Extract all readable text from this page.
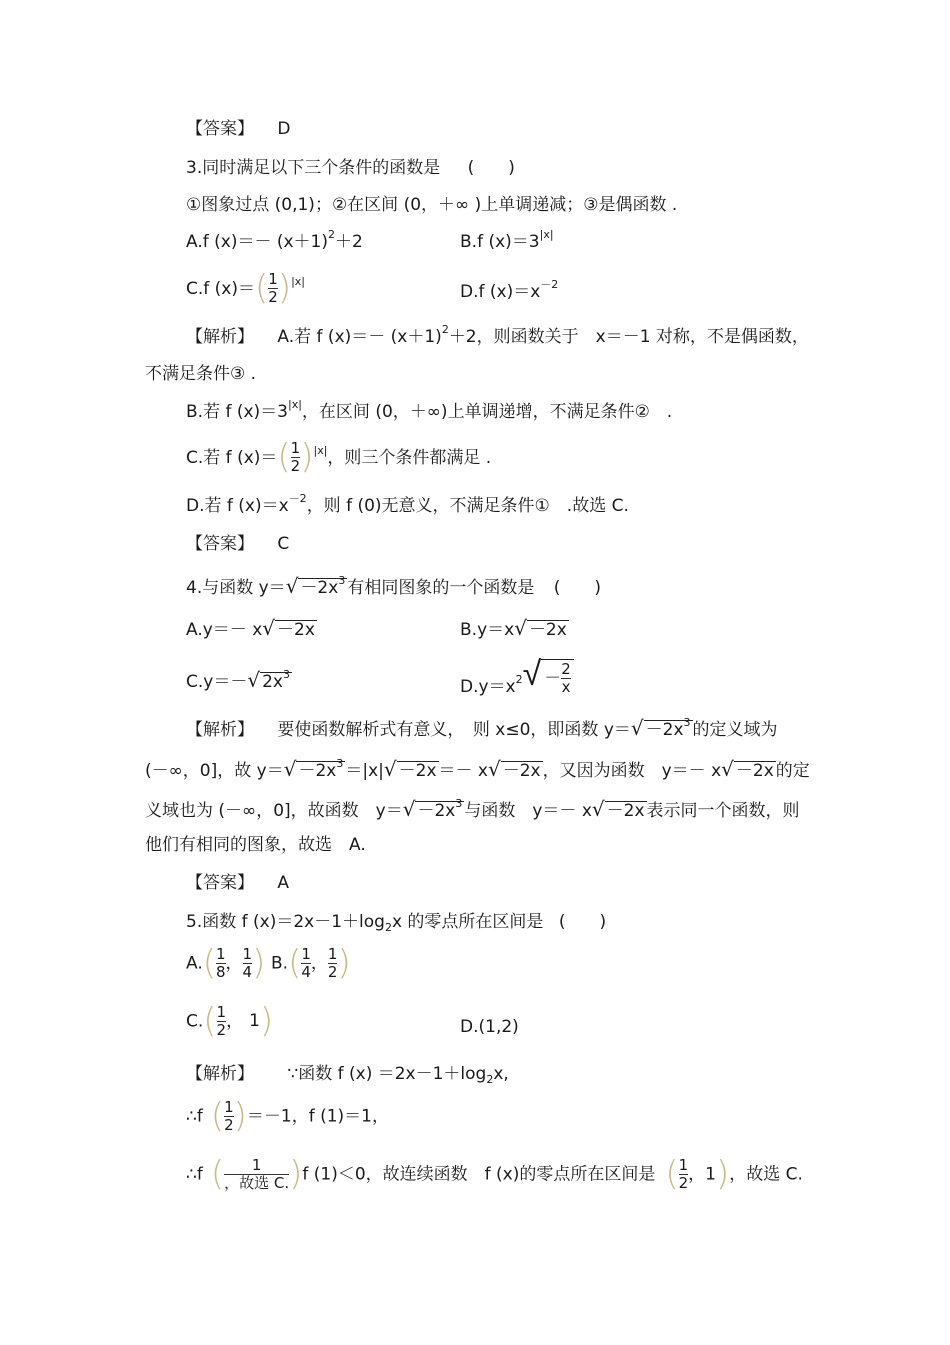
【答案】 D
3.同时满足以下三个条件的函数是 (　　)
①图象过点 (0,1)；②在区间 (0，＋∞ )上单调递减；③是偶函数 .
A.f $(x)=- (x+1)^2+2$	B.f $(x)=3^{|x|}$
C.f $(x)=( \frac{1}{2} )^{|x|}$
D.f $(x)=x^{-2}$
【解析】 A.若 f $(x)=- (x+1)^2+2$，则函数关于　x＝－1 对称，不是偶函数，
不满足条件③ .
B.若 f $(x)=3^{|x|}$，在区间 (0，＋∞)上单调递增，不满足条件②　.
C.若 f $(x)=( \frac{1}{2} )^{|x|}$，则三个条件都满足 .
D.若 f $(x)=x^{-2}$，则 f (0)无意义，不满足条件①　.故选 C.
【答案】 C
4.与函数 $y=√ -2x^3$ 有相同图象的一个函数是 (　　)
A.y＝－ x√ －2x	B.y＝x√ －2x
C.y＝－√ $2x^3$
$D.y=x_2√ - \frac{2}{x}$
【解析】 要使函数解析式有意义，　则 x≤0，即函数 $y=√ -2x^3$ 的定义域为
(－∞，0]，故 $y=√ -2x^3 =|x|√ -2x =- x√ -2x$ ，又因为函数　y＝－ x√ －2x 的定
义域也为 (－∞，0]，故函数　$y=√ -2x^3$ 与函数　y＝－ x√ －2x 表示同一个函数，则
他们有相同的图象，故选　A.
【答案】 A
5.函数 f $(x)=2x-1+\log_2x$ 的零点所在区间是 (　　)
$A.( \frac{1}{8}$ ， $\frac{1}{4}$ ) $B.( \frac{1}{4}$ ， $\frac{1}{2}$ )
$C.( \frac{1}{2}$ ， 1)	D.(1,2)
【解析】 ∵函数 f $(x) =2x-1+\log_2x$,
∴f ( $\frac{1}{2} )=-1$，f (1)＝1，
∴f ( $\frac{1}{\text{，故选 C.}} )f$ (1)＜0，故连续函数　f (x)的零点所在区间是 ( $\frac{1}{2}$ ，1)，故选 C.
